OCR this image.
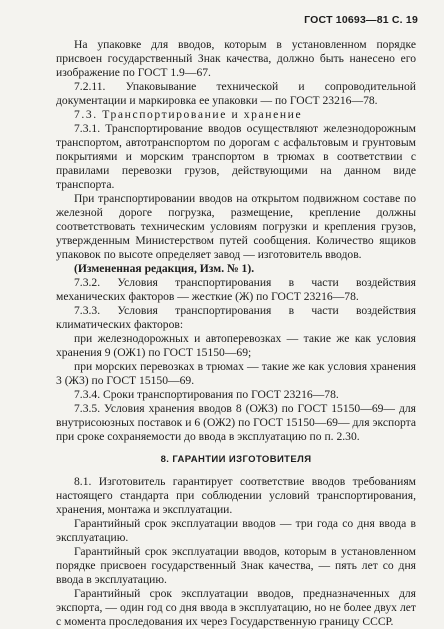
ГОСТ 10693—81 С. 19

На упаковке для вводов, которым в установленном порядке присвоен государственный Знак качества, должно быть нанесено его изображение по ГОСТ 1.9—67.

7.2.11. Упаковывание технической и сопроводительной документации и маркировка ее упаковки — по ГОСТ 23216—78.

7.3. Транспортирование и хранение

7.3.1. Транспортирование вводов осуществляют железнодорожным транспортом, автотранспортом по дорогам с асфальтовым и грунтовым покрытиями и морским транспортом в трюмах в соответствии с правилами перевозки грузов, действующими на данном виде транспорта.

При транспортировании вводов на открытом подвижном составе по железной дороге погрузка, размещение, крепление должны соответствовать техническим условиям погрузки и крепления грузов, утвержденным Министерством путей сообщения. Количество ящиков упаковок по высоте определяет завод — изготовитель вводов.

(Измененная редакция, Изм. № 1).

7.3.2. Условия транспортирования в части воздействия механических факторов — жесткие (Ж) по ГОСТ 23216—78.

7.3.3. Условия транспортирования в части воздействия климатических факторов:

при железнодорожных и автоперевозках — такие же как условия хранения 9 (ОЖ1) по ГОСТ 15150—69;

при морских перевозках в трюмах — такие же как условия хранения 3 (Ж3) по ГОСТ 15150—69.

7.3.4. Сроки транспортирования по ГОСТ 23216—78.

7.3.5. Условия хранения вводов 8 (ОЖ3) по ГОСТ 15150—69— для внутрисоюзных поставок и 6 (ОЖ2) по ГОСТ 15150—69— для экспорта при сроке сохраняемости до ввода в эксплуатацию по п. 2.30.

8. ГАРАНТИИ ИЗГОТОВИТЕЛЯ

8.1. Изготовитель гарантирует соответствие вводов требованиям настоящего стандарта при соблюдении условий транспортирования, хранения, монтажа и эксплуатации.

Гарантийный срок эксплуатации вводов — три года со дня ввода в эксплуатацию.

Гарантийный срок эксплуатации вводов, которым в установленном порядке присвоен государственный Знак качества, — пять лет со дня ввода в эксплуатацию.

Гарантийный срок эксплуатации вводов, предназначенных для экспорта, — один год со дня ввода в эксплуатацию, но не более двух лет с момента проследования их через Государственную границу СССР.
